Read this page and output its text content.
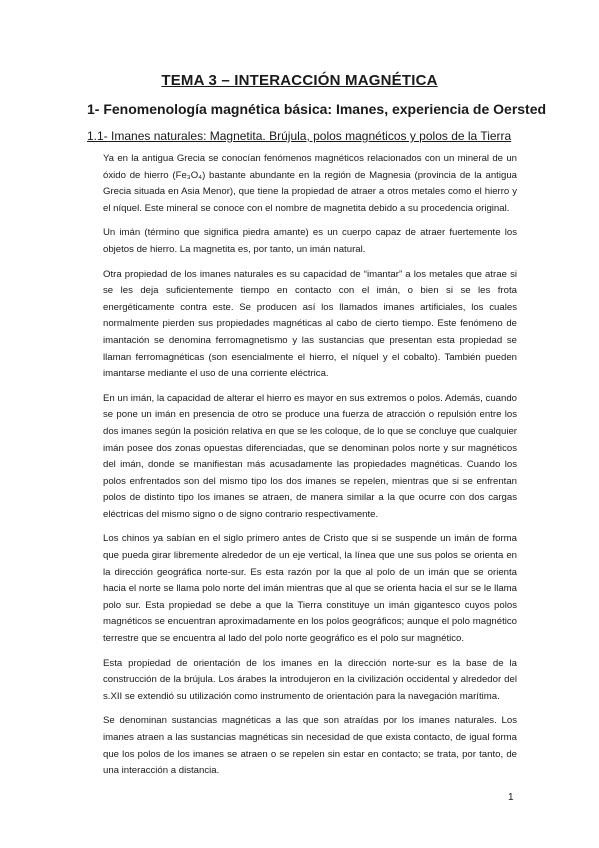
TEMA 3 – INTERACCIÓN MAGNÉTICA
1- Fenomenología magnética básica: Imanes, experiencia de Oersted
1.1- Imanes naturales: Magnetita. Brújula, polos magnéticos y polos de la Tierra

Ya en la antigua Grecia se conocían fenómenos magnéticos relacionados con un mineral de un óxido de hierro (Fe₃O₄) bastante abundante en la región de Magnesia (provincia de la antigua Grecia situada en Asia Menor), que tiene la propiedad de atraer a otros metales como el hierro y el níquel. Este mineral se conoce con el nombre de magnetita debido a su procedencia original.

Un imán (término que significa piedra amante) es un cuerpo capaz de atraer fuertemente los objetos de hierro. La magnetita es, por tanto, un imán natural.

Otra propiedad de los imanes naturales es su capacidad de “imantar” a los metales que atrae si se les deja suficientemente tiempo en contacto con el imán, o bien si se les frota energéticamente contra este. Se producen así los llamados imanes artificiales, los cuales normalmente pierden sus propiedades magnéticas al cabo de cierto tiempo. Este fenómeno de imantación se denomina ferromagnetismo y las sustancias que presentan esta propiedad se llaman ferromagnéticas (son esencialmente el hierro, el níquel y el cobalto). También pueden imantarse mediante el uso de una corriente eléctrica.

En un imán, la capacidad de alterar el hierro es mayor en sus extremos o polos. Además, cuando se pone un imán en presencia de otro se produce una fuerza de atracción o repulsión entre los dos imanes según la posición relativa en que se les coloque, de lo que se concluye que cualquier imán posee dos zonas opuestas diferenciadas, que se denominan polos norte y sur magnéticos del imán, donde se manifiestan más acusadamente las propiedades magnéticas. Cuando los polos enfrentados son del mismo tipo los dos imanes se repelen, mientras que si se enfrentan polos de distinto tipo los imanes se atraen, de manera similar a la que ocurre con dos cargas eléctricas del mismo signo o de signo contrario respectivamente.

Los chinos ya sabían en el siglo primero antes de Cristo que si se suspende un imán de forma que pueda girar libremente alrededor de un eje vertical, la línea que une sus polos se orienta en la dirección geográfica norte-sur. Es esta razón por la que al polo de un imán que se orienta hacia el norte se llama polo norte del imán mientras que al que se orienta hacia el sur se le llama polo sur. Esta propiedad se debe a que la Tierra constituye un imán gigantesco cuyos polos magnéticos se encuentran aproximadamente en los polos geográficos; aunque el polo magnético terrestre que se encuentra al lado del polo norte geográfico es el polo sur magnético.

Esta propiedad de orientación de los imanes en la dirección norte-sur es la base de la construcción de la brújula. Los árabes la introdujeron en la civilización occidental y alrededor del s.XII se extendió su utilización como instrumento de orientación para la navegación marítima.

Se denominan sustancias magnéticas a las que son atraídas por los imanes naturales. Los imanes atraen a las sustancias magnéticas sin necesidad de que exista contacto, de igual forma que los polos de los imanes se atraen o se repelen sin estar en contacto; se trata, por tanto, de una interacción a distancia.

1
